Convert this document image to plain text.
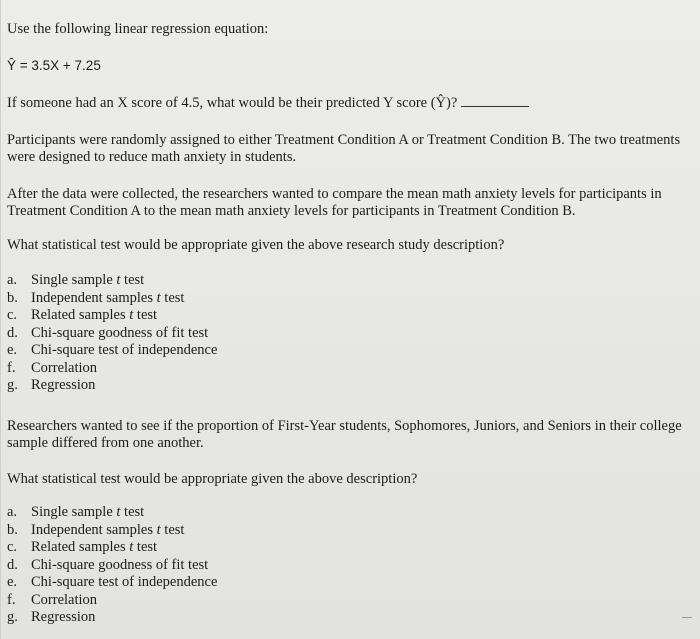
Use the following linear regression equation:
Ŷ = 3.5X + 7.25
If someone had an X score of 4.5, what would be their predicted Y score (Ŷ)?
Participants were randomly assigned to either Treatment Condition A or Treatment Condition B. The two treatments were designed to reduce math anxiety in students.
After the data were collected, the researchers wanted to compare the mean math anxiety levels for participants in Treatment Condition A to the mean math anxiety levels for participants in Treatment Condition B.
What statistical test would be appropriate given the above research study description?
a. Single sample t test
b. Independent samples t test
c. Related samples t test
d. Chi-square goodness of fit test
e. Chi-square test of independence
f.	Correlation
g. Regression
Researchers wanted to see if the proportion of First-Year students, Sophomores, Juniors, and Seniors in their college sample differed from one another.
What statistical test would be appropriate given the above description?
a. Single sample t test
b. Independent samples t test
c. Related samples t test
d. Chi-square goodness of fit test
e. Chi-square test of independence
f.	Correlation
g. Regression
